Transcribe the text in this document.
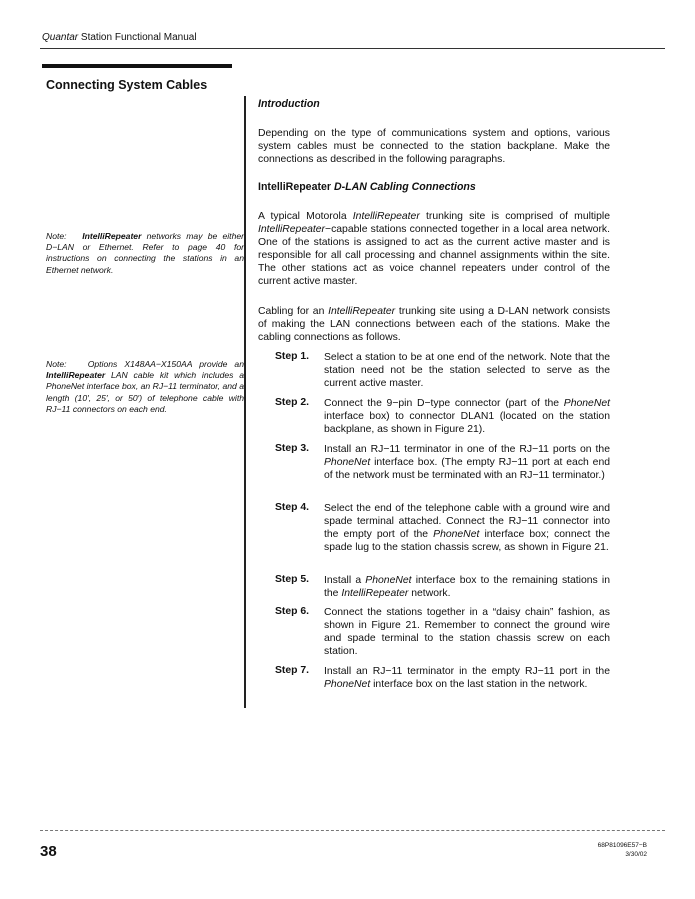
Quantar Station Functional Manual
Connecting System Cables
Note: IntelliRepeater networks may be either D−LAN or Ethernet. Refer to page 40 for instructions on connecting the stations in an Ethernet network.
Note: Options X148AA−X150AA provide an IntelliRepeater LAN cable kit which includes a PhoneNet interface box, an RJ−11 terminator, and a length (10′, 25′, or 50′) of telephone cable with RJ−11 connectors on each end.
Introduction
Depending on the type of communications system and options, various system cables must be connected to the station backplane. Make the connections as described in the following paragraphs.
IntelliRepeater D-LAN Cabling Connections
A typical Motorola IntelliRepeater trunking site is comprised of multiple IntelliRepeater−capable stations connected together in a local area network. One of the stations is assigned to act as the current active master and is responsible for all call processing and channel assignments within the site. The other stations act as voice channel repeaters under control of the current active master.
Cabling for an IntelliRepeater trunking site using a D-LAN network consists of making the LAN connections between each of the stations. Make the cabling connections as follows.
Step 1. Select a station to be at one end of the network. Note that the station need not be the station selected to serve as the current active master.
Step 2. Connect the 9−pin D−type connector (part of the PhoneNet interface box) to connector DLAN1 (located on the station backplane, as shown in Figure 21).
Step 3. Install an RJ−11 terminator in one of the RJ−11 ports on the PhoneNet interface box. (The empty RJ−11 port at each end of the network must be terminated with an RJ−11 terminator.)
Step 4. Select the end of the telephone cable with a ground wire and spade terminal attached. Connect the RJ−11 connector into the empty port of the PhoneNet interface box; connect the spade lug to the station chassis screw, as shown in Figure 21.
Step 5. Install a PhoneNet interface box to the remaining stations in the IntelliRepeater network.
Step 6. Connect the stations together in a “daisy chain” fashion, as shown in Figure 21. Remember to connect the ground wire and spade terminal to the station chassis screw on each station.
Step 7. Install an RJ−11 terminator in the empty RJ−11 port in the PhoneNet interface box on the last station in the network.
38	68P81096E57−B
3/30/02
